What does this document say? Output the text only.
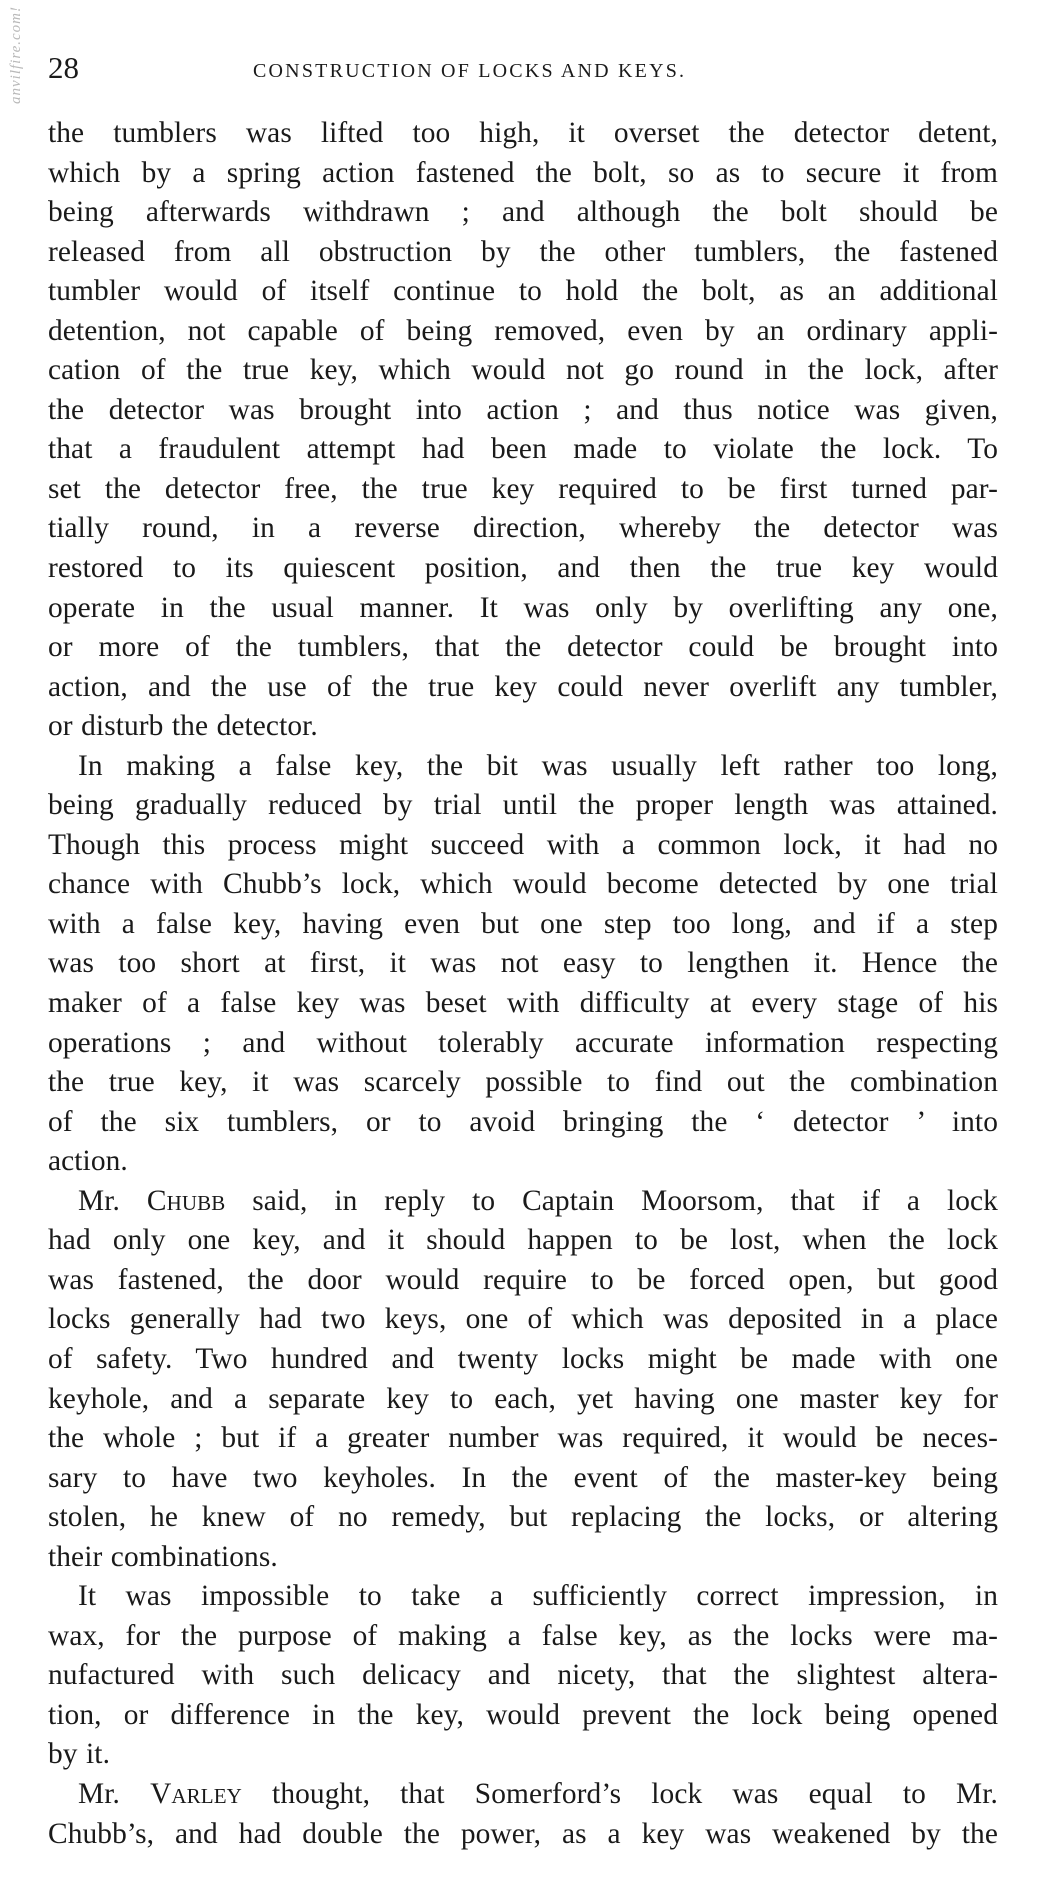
anvilfire.com! 28	CONSTRUCTION OF LOCKS AND KEYS.
the tumblers was lifted too high, it overset the detector detent,
which by a spring action fastened the bolt, so as to secure it from
being afterwards withdrawn ; and although the bolt should be
released from all obstruction by the other tumblers, the fastened
tumbler would of itself continue to hold the bolt, as an additional
detention, not capable of being removed, even by an ordinary appli-
cation of the true key, which would not go round in the lock, after
the detector was brought into action ; and thus notice was given,
that a fraudulent attempt had been made to violate the lock. To
set the detector free, the true key required to be first turned par-
tially round, in a reverse direction, whereby the detector was
restored to its quiescent position, and then the true key would
operate in the usual manner. It was only by overlifting any one,
or more of the tumblers, that the detector could be brought into
action, and the use of the true key could never overlift any tumbler,
or disturb the detector.
In making a false key, the bit was usually left rather too long,
being gradually reduced by trial until the proper length was attained.
Though this process might succeed with a common lock, it had no
chance with Chubb’s lock, which would become detected by one trial
with a false key, having even but one step too long, and if a step
was too short at first, it was not easy to lengthen it. Hence the
maker of a false key was beset with difficulty at every stage of his
operations ; and without tolerably accurate information respecting
the true key, it was scarcely possible to find out the combination
of the six tumblers, or to avoid bringing the ‘ detector ’ into
action.
Mr. Chubb said, in reply to Captain Moorsom, that if a lock
had only one key, and it should happen to be lost, when the lock
was fastened, the door would require to be forced open, but good
locks generally had two keys, one of which was deposited in a place
of safety. Two hundred and twenty locks might be made with one
keyhole, and a separate key to each, yet having one master key for
the whole ; but if a greater number was required, it would be neces-
sary to have two keyholes. In the event of the master-key being
stolen, he knew of no remedy, but replacing the locks, or altering
their combinations.
It was impossible to take a sufficiently correct impression, in
wax, for the purpose of making a false key, as the locks were ma-
nufactured with such delicacy and nicety, that the slightest altera-
tion, or difference in the key, would prevent the lock being opened
by it.
Mr. Varley thought, that Somerford’s lock was equal to Mr.
Chubb’s, and had double the power, as a key was weakened by the
